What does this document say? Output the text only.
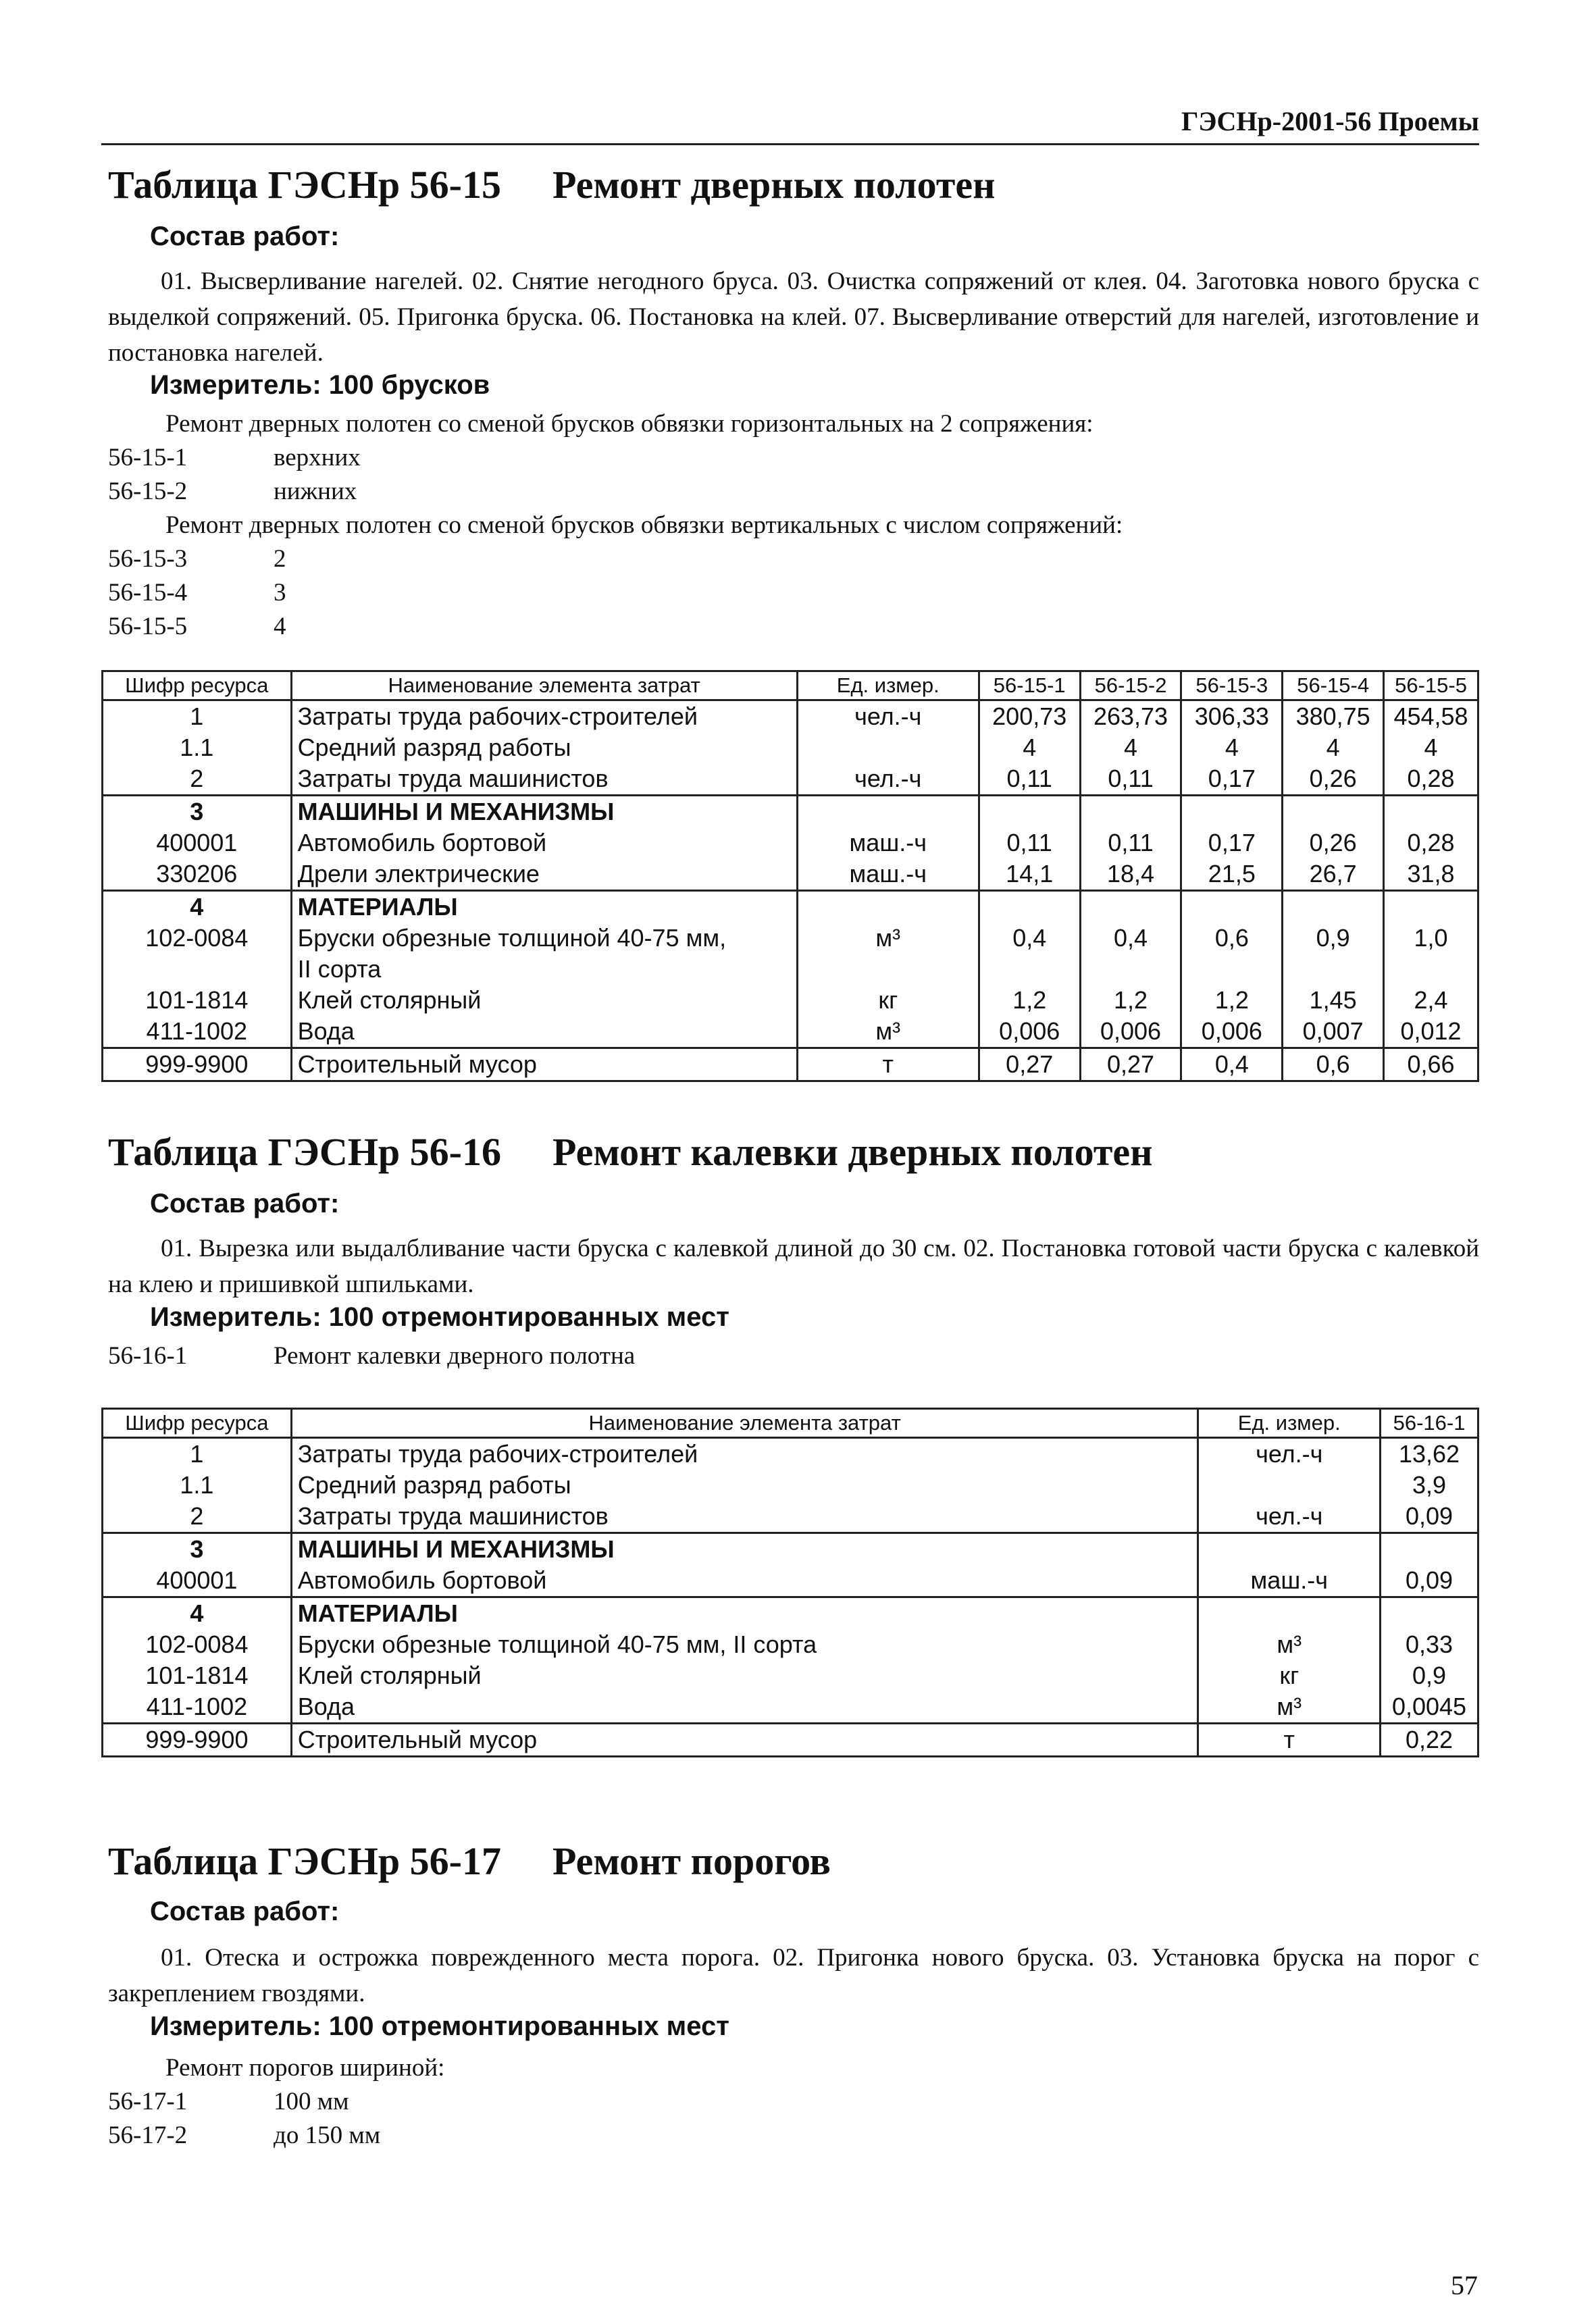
ГЭСНр-2001-56 Проемы
Таблица ГЭСНр 56-15 Ремонт дверных полотен
Состав работ:
01. Высверливание нагелей. 02. Снятие негодного бруса. 03. Очистка сопряжений от клея. 04. Заготовка нового бруска с выделкой сопряжений. 05. Пригонка бруска. 06. Постановка на клей. 07. Высверливание отверстий для нагелей, изготовление и постановка нагелей.
Измеритель: 100 брусков
Ремонт дверных полотен со сменой брусков обвязки горизонтальных на 2 сопряжения:
56-15-1	верхних
56-15-2	нижних
Ремонт дверных полотен со сменой брусков обвязки вертикальных с числом сопряжений:
56-15-3	2
56-15-4	3
56-15-5	4
Шифр ресурса	Наименование элемента затрат	Ед. измер.	56-15-1	56-15-2	56-15-3	56-15-4	56-15-5
1	Затраты труда рабочих-строителей	чел.-ч	200,73	263,73	306,33	380,75	454,58
1.1	Средний разряд работы		4	4	4	4	4
2	Затраты труда машинистов	чел.-ч	0,11	0,11	0,17	0,26	0,28
3	МАШИНЫ И МЕХАНИЗМЫ						
400001	Автомобиль бортовой	маш.-ч	0,11	0,11	0,17	0,26	0,28
330206	Дрели электрические	маш.-ч	14,1	18,4	21,5	26,7	31,8
4	МАТЕРИАЛЫ						
102-0084	Бруски обрезные толщиной 40-75 мм,	м³	0,4	0,4	0,6	0,9	1,0
	II сорта						
101-1814	Клей столярный	кг	1,2	1,2	1,2	1,45	2,4
411-1002	Вода	м³	0,006	0,006	0,006	0,007	0,012
999-9900	Строительный мусор	т	0,27	0,27	0,4	0,6	0,66
Таблица ГЭСНр 56-16 Ремонт калевки дверных полотен
Состав работ:
01. Вырезка или выдалбливание части бруска с калевкой длиной до 30 см. 02. Постановка готовой части бруска с калевкой на клею и пришивкой шпильками.
Измеритель: 100 отремонтированных мест
56-16-1	Ремонт калевки дверного полотна
Шифр ресурса	Наименование элемента затрат	Ед. измер.	56-16-1
1	Затраты труда рабочих-строителей	чел.-ч	13,62
1.1	Средний разряд работы		3,9
2	Затраты труда машинистов	чел.-ч	0,09
3	МАШИНЫ И МЕХАНИЗМЫ		
400001	Автомобиль бортовой	маш.-ч	0,09
4	МАТЕРИАЛЫ		
102-0084	Бруски обрезные толщиной 40-75 мм, II сорта	м³	0,33
101-1814	Клей столярный	кг	0,9
411-1002	Вода	м³	0,0045
999-9900	Строительный мусор	т	0,22
Таблица ГЭСНр 56-17 Ремонт порогов
Состав работ:
01. Отеска и острожка поврежденного места порога. 02. Пригонка нового бруска. 03. Установка бруска на порог с закреплением гвоздями.
Измеритель: 100 отремонтированных мест
Ремонт порогов шириной:
56-17-1	100 мм
56-17-2	до 150 мм
57
